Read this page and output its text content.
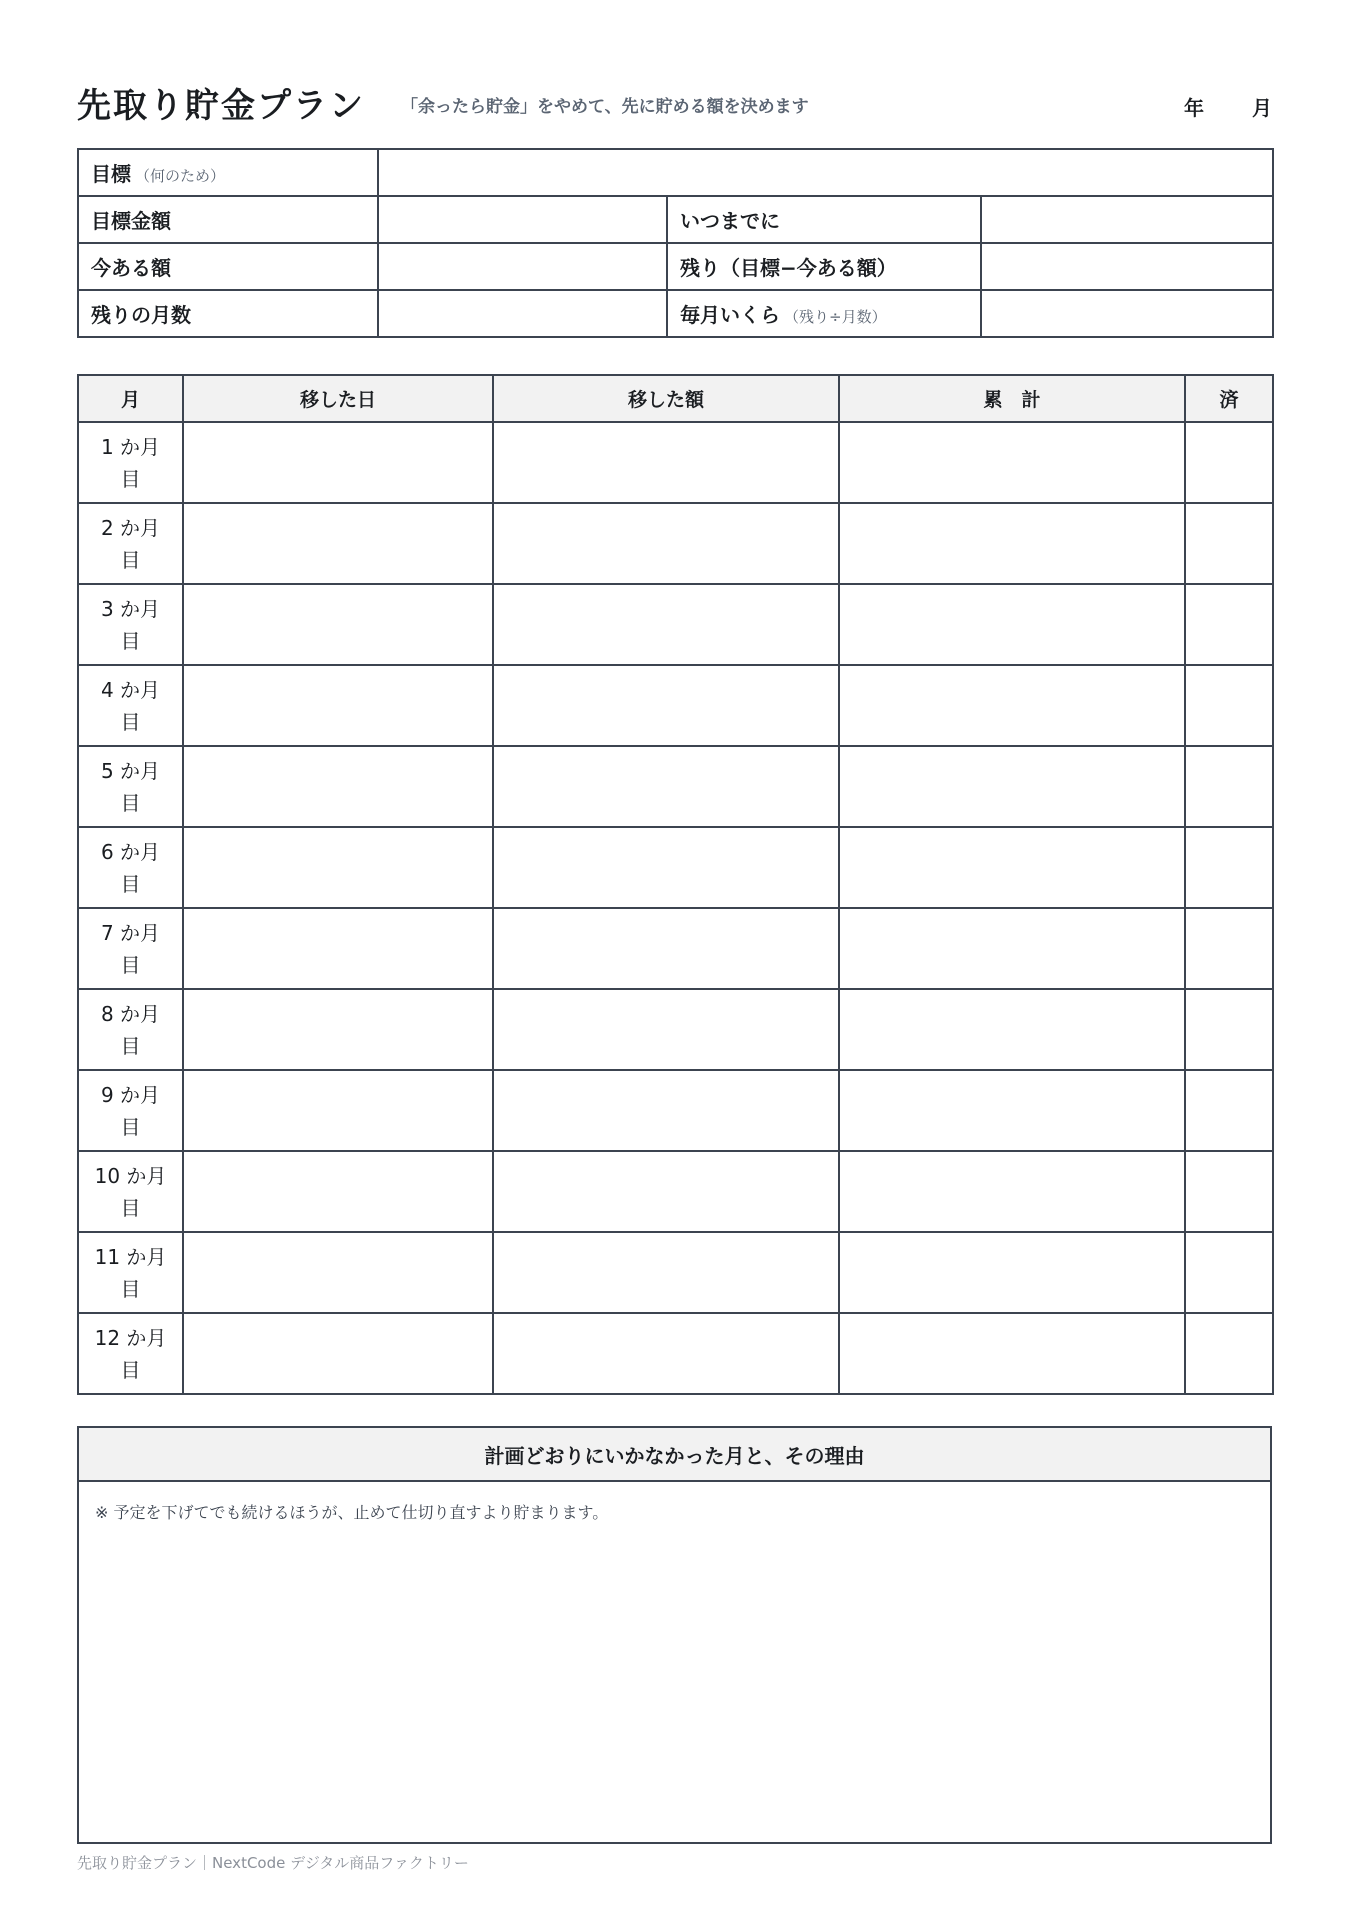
先取り貯金プラン 「余ったら貯金」をやめて、先に貯める額を決めます	年 月
目標 （何のため）			
目標金額		いつまでに	
今ある額		残り（目標−今ある額）	
残りの月数		毎月いくら （残り÷月数）	
月	移した日	移した額	累　計	済
1 か月目				
2 か月目				
3 か月目				
4 か月目				
5 か月目				
6 か月目				
7 か月目				
8 か月目				
9 か月目				
10 か月目				
11 か月目				
12 か月目				
計画どおりにいかなかった月と、その理由

※ 予定を下げてでも続けるほうが、止めて仕切り直すより貯まります。
先取り貯金プラン｜NextCode デジタル商品ファクトリー
